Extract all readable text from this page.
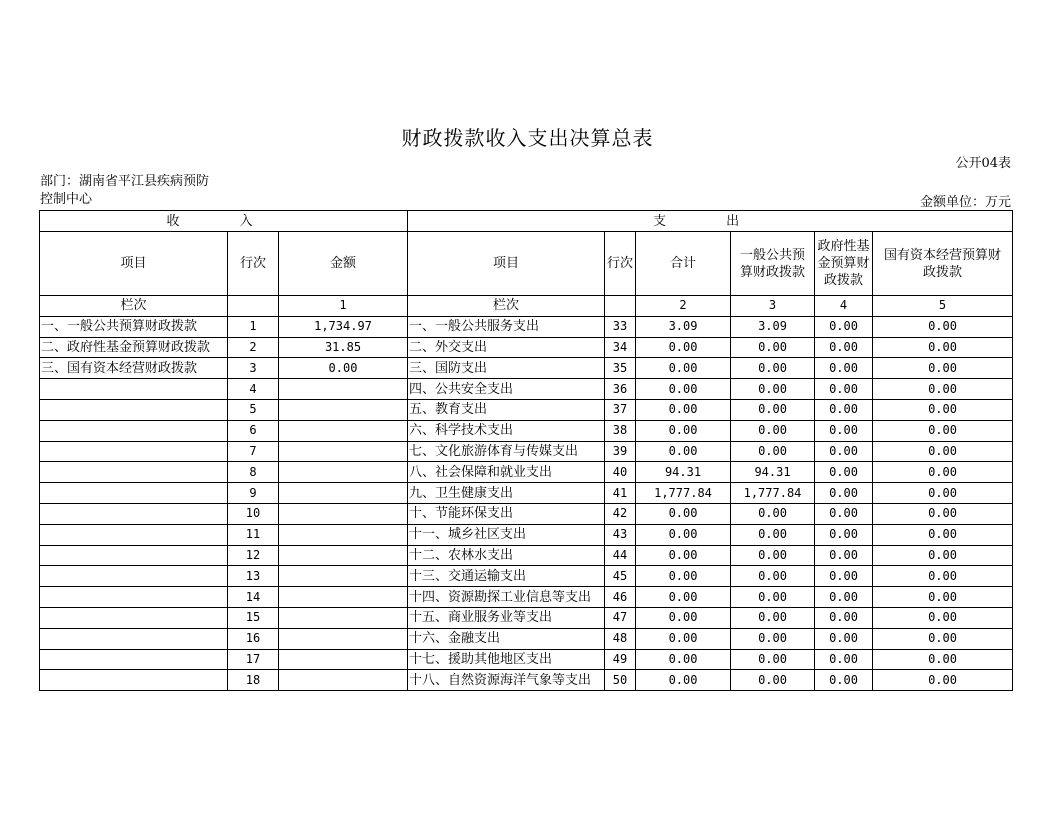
财政拨款收入支出决算总表
公开04表
部门：湖南省平江县疾病预防
控制中心	金额单位：万元
收 入			支 出					
项目	行次	金额	项目	行次	合计	一般公共预算财政拨款	政府性基金预算财政拨款	国有资本经营预算财政拨款
栏次		1	栏次		2	3	4	5
一、一般公共预算财政拨款	1	1,734.97	一、一般公共服务支出	33	3.09	3.09	0.00	0.00
二、政府性基金预算财政拨款	2	31.85	二、外交支出	34	0.00	0.00	0.00	0.00
三、国有资本经营财政拨款	3	0.00	三、国防支出	35	0.00	0.00	0.00	0.00
	4		四、公共安全支出	36	0.00	0.00	0.00	0.00
	5		五、教育支出	37	0.00	0.00	0.00	0.00
	6		六、科学技术支出	38	0.00	0.00	0.00	0.00
	7		七、文化旅游体育与传媒支出	39	0.00	0.00	0.00	0.00
	8		八、社会保障和就业支出	40	94.31	94.31	0.00	0.00
	9		九、卫生健康支出	41	1,777.84	1,777.84	0.00	0.00
	10		十、节能环保支出	42	0.00	0.00	0.00	0.00
	11		十一、城乡社区支出	43	0.00	0.00	0.00	0.00
	12		十二、农林水支出	44	0.00	0.00	0.00	0.00
	13		十三、交通运输支出	45	0.00	0.00	0.00	0.00
	14		十四、资源勘探工业信息等支出	46	0.00	0.00	0.00	0.00
	15		十五、商业服务业等支出	47	0.00	0.00	0.00	0.00
	16		十六、金融支出	48	0.00	0.00	0.00	0.00
	17		十七、援助其他地区支出	49	0.00	0.00	0.00	0.00
	18		十八、自然资源海洋气象等支出	50	0.00	0.00	0.00	0.00
